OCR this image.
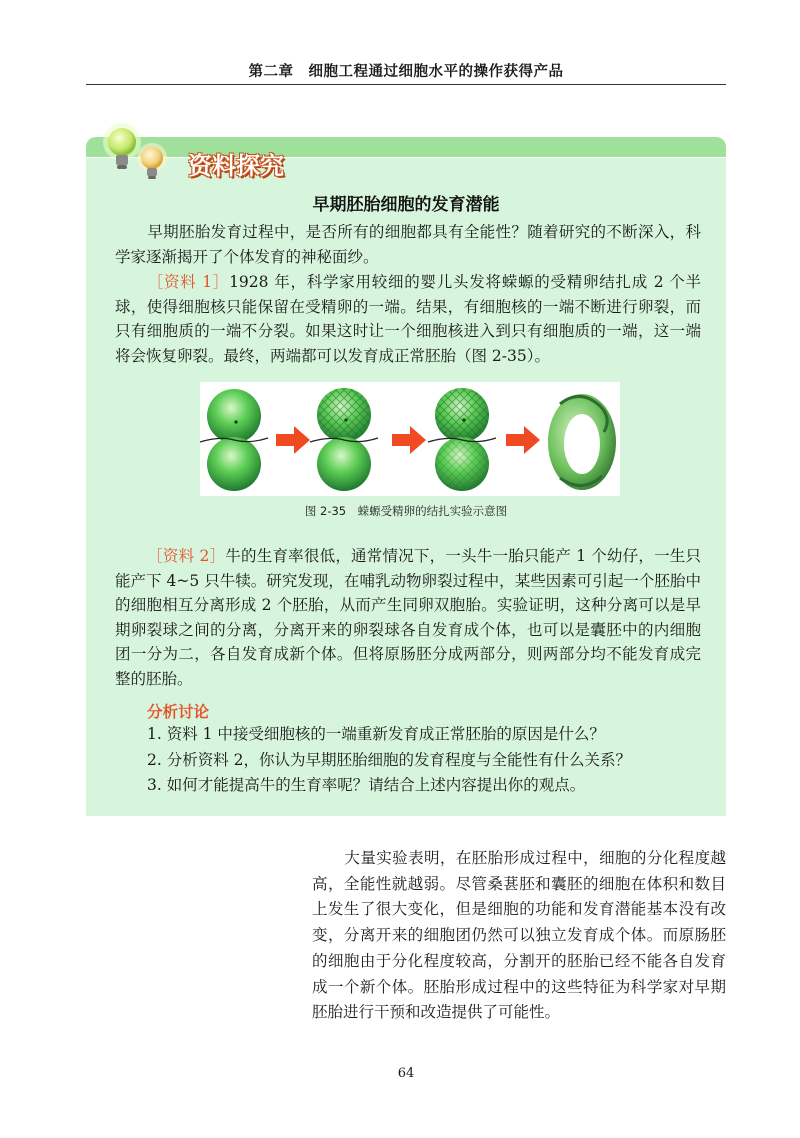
第二章　细胞工程通过细胞水平的操作获得产品
资料探究
早期胚胎细胞的发育潜能

早期胚胎发育过程中，是否所有的细胞都具有全能性？随着研究的不断深入，科学家逐渐揭开了个体发育的神秘面纱。

［资料 1］1928 年，科学家用较细的婴儿头发将蝾螈的受精卵结扎成 2 个半球，使得细胞核只能保留在受精卵的一端。结果，有细胞核的一端不断进行卵裂，而只有细胞质的一端不分裂。如果这时让一个细胞核进入到只有细胞质的一端，这一端将会恢复卵裂。最终，两端都可以发育成正常胚胎（图 2-35）。

图 2-35　蝾螈受精卵的结扎实验示意图

［资料 2］牛的生育率很低，通常情况下，一头牛一胎只能产 1 个幼仔，一生只能产下 4~5 只牛犊。研究发现，在哺乳动物卵裂过程中，某些因素可引起一个胚胎中的细胞相互分离形成 2 个胚胎，从而产生同卵双胞胎。实验证明，这种分离可以是早期卵裂球之间的分离，分离开来的卵裂球各自发育成个体，也可以是囊胚中的内细胞团一分为二，各自发育成新个体。但将原肠胚分成两部分，则两部分均不能发育成完整的胚胎。

分析讨论
1. 资料 1 中接受细胞核的一端重新发育成正常胚胎的原因是什么？
2. 分析资料 2，你认为早期胚胎细胞的发育程度与全能性有什么关系？
3. 如何才能提高牛的生育率呢？请结合上述内容提出你的观点。

大量实验表明，在胚胎形成过程中，细胞的分化程度越高，全能性就越弱。尽管桑葚胚和囊胚的细胞在体积和数目上发生了很大变化，但是细胞的功能和发育潜能基本没有改变，分离开来的细胞团仍然可以独立发育成个体。而原肠胚的细胞由于分化程度较高，分割开的胚胎已经不能各自发育成一个新个体。胚胎形成过程中的这些特征为科学家对早期胚胎进行干预和改造提供了可能性。

64
